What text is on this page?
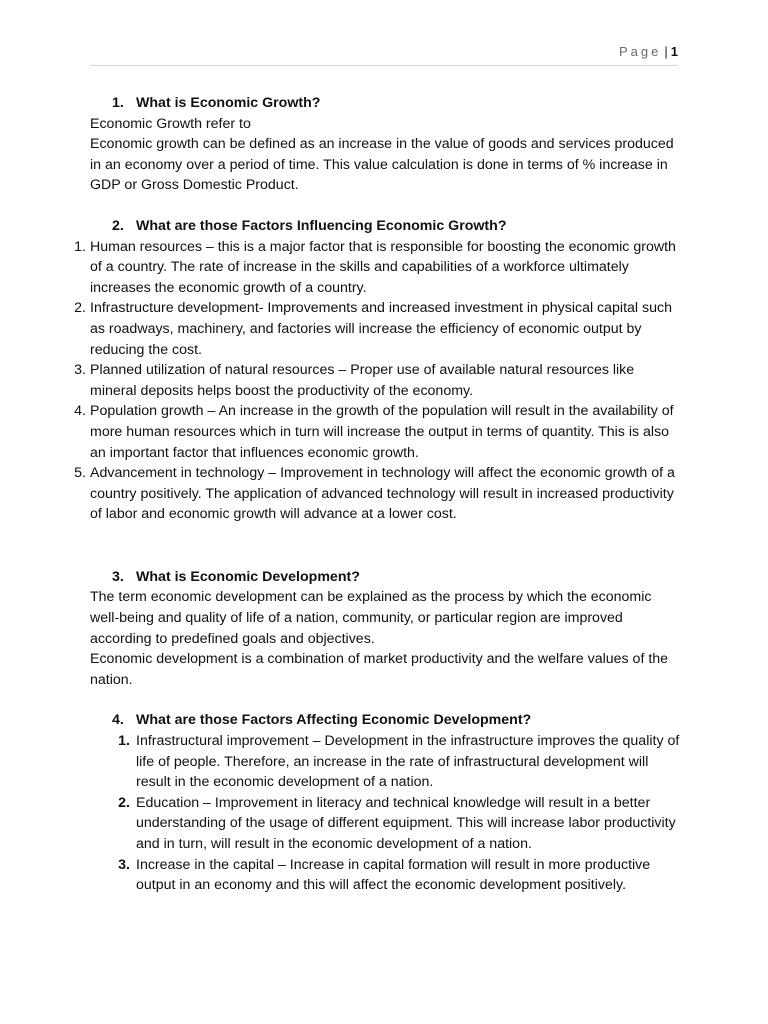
Page | 1
1. What is Economic Growth?

Economic Growth refer to

Economic growth can be defined as an increase in the value of goods and services produced in an economy over a period of time. This value calculation is done in terms of % increase in GDP or Gross Domestic Product.

2. What are those Factors Influencing Economic Growth?
1. Human resources – this is a major factor that is responsible for boosting the economic growth of a country. The rate of increase in the skills and capabilities of a workforce ultimately increases the economic growth of a country.
2. Infrastructure development- Improvements and increased investment in physical capital such as roadways, machinery, and factories will increase the efficiency of economic output by reducing the cost.
3. Planned utilization of natural resources – Proper use of available natural resources like mineral deposits helps boost the productivity of the economy.
4. Population growth – An increase in the growth of the population will result in the availability of more human resources which in turn will increase the output in terms of quantity. This is also an important factor that influences economic growth.
5. Advancement in technology – Improvement in technology will affect the economic growth of a country positively. The application of advanced technology will result in increased productivity of labor and economic growth will advance at a lower cost.
3. What is Economic Development?

The term economic development can be explained as the process by which the economic well-being and quality of life of a nation, community, or particular region are improved according to predefined goals and objectives.

Economic development is a combination of market productivity and the welfare values of the nation.

4. What are those Factors Affecting Economic Development?
1. Infrastructural improvement – Development in the infrastructure improves the quality of life of people. Therefore, an increase in the rate of infrastructural development will result in the economic development of a nation.
2. Education – Improvement in literacy and technical knowledge will result in a better understanding of the usage of different equipment. This will increase labor productivity and in turn, will result in the economic development of a nation.
3. Increase in the capital – Increase in capital formation will result in more productive output in an economy and this will affect the economic development positively.
